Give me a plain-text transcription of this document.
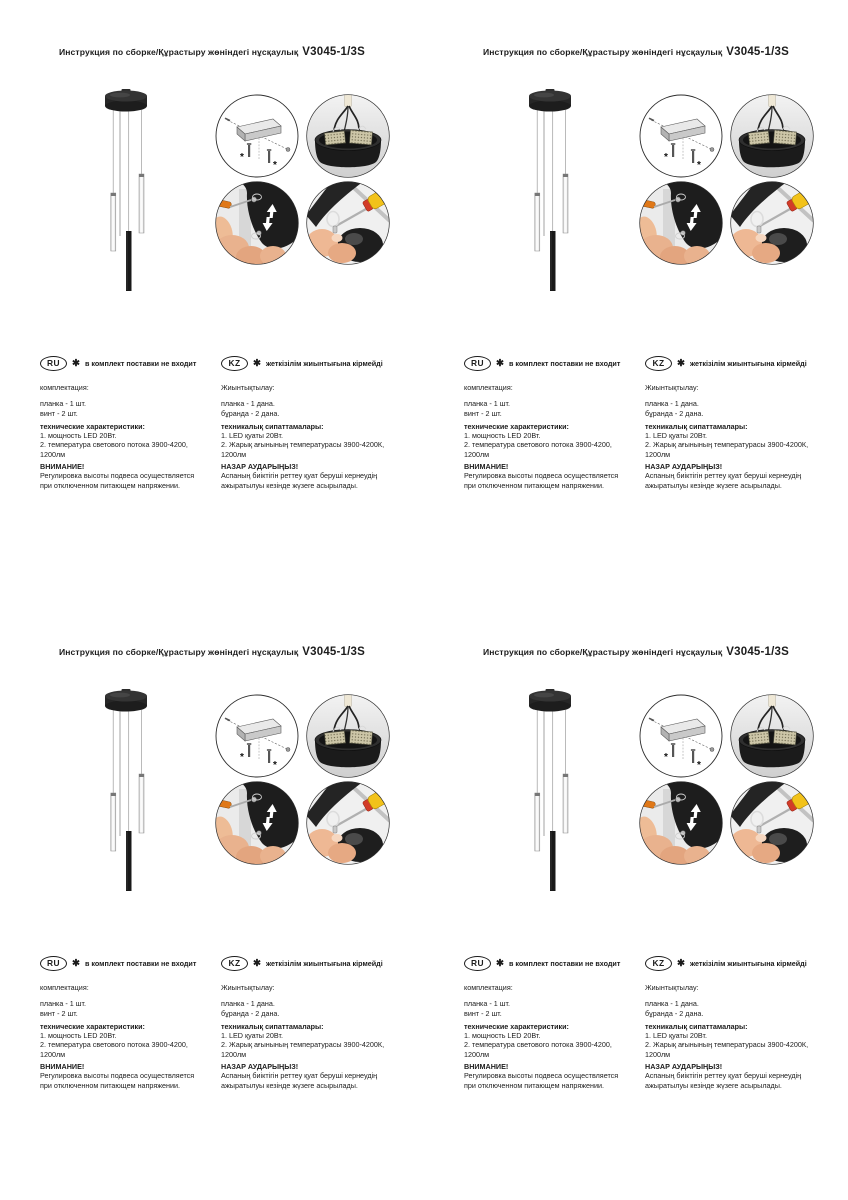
Инструкция по сборке/Құрастыру жөніндегі нұсқаулық V3045-1/3S
*
*
RU	✱ в комплект поставки не входит
комплектация:
планка - 1 шт.
винт - 2 шт.
технические характеристики:
1. мощность LED 20Вт.
2. температура светового потока 3900-4200, 1200лм
ВНИМАНИЕ!
Регулировка высоты подвеса осуществляется при отключенном питающем напряжении.
KZ	✱ жеткізілім жиынтығына кірмейді
Жиынтықтылау:
планка - 1 дана.
бұранда - 2 дана.
техникалық сипаттамалары:
1. LED қуаты 20Вт.
2. Жарық ағынының температурасы 3900-4200К, 1200лм
НАЗАР АУДАРЫҢЫЗ!
Аспаның биіктігін реттеу қуат беруші кернеудің ажыратылуы кезінде жүзеге асырылады.
Инструкция по сборке/Құрастыру жөніндегі нұсқаулық V3045-1/3S
*
*
RU	✱ в комплект поставки не входит
комплектация:
планка - 1 шт.
винт - 2 шт.
технические характеристики:
1. мощность LED 20Вт.
2. температура светового потока 3900-4200, 1200лм
ВНИМАНИЕ!
Регулировка высоты подвеса осуществляется при отключенном питающем напряжении.
KZ	✱ жеткізілім жиынтығына кірмейді
Жиынтықтылау:
планка - 1 дана.
бұранда - 2 дана.
техникалық сипаттамалары:
1. LED қуаты 20Вт.
2. Жарық ағынының температурасы 3900-4200К, 1200лм
НАЗАР АУДАРЫҢЫЗ!
Аспаның биіктігін реттеу қуат беруші кернеудің ажыратылуы кезінде жүзеге асырылады.
Инструкция по сборке/Құрастыру жөніндегі нұсқаулық V3045-1/3S
*
*
RU	✱ в комплект поставки не входит
комплектация:
планка - 1 шт.
винт - 2 шт.
технические характеристики:
1. мощность LED 20Вт.
2. температура светового потока 3900-4200, 1200лм
ВНИМАНИЕ!
Регулировка высоты подвеса осуществляется при отключенном питающем напряжении.
KZ	✱ жеткізілім жиынтығына кірмейді
Жиынтықтылау:
планка - 1 дана.
бұранда - 2 дана.
техникалық сипаттамалары:
1. LED қуаты 20Вт.
2. Жарық ағынының температурасы 3900-4200К, 1200лм
НАЗАР АУДАРЫҢЫЗ!
Аспаның биіктігін реттеу қуат беруші кернеудің ажыратылуы кезінде жүзеге асырылады.
Инструкция по сборке/Құрастыру жөніндегі нұсқаулық V3045-1/3S
*
*
RU	✱ в комплект поставки не входит
комплектация:
планка - 1 шт.
винт - 2 шт.
технические характеристики:
1. мощность LED 20Вт.
2. температура светового потока 3900-4200, 1200лм
ВНИМАНИЕ!
Регулировка высоты подвеса осуществляется при отключенном питающем напряжении.
KZ	✱ жеткізілім жиынтығына кірмейді
Жиынтықтылау:
планка - 1 дана.
бұранда - 2 дана.
техникалық сипаттамалары:
1. LED қуаты 20Вт.
2. Жарық ағынының температурасы 3900-4200К, 1200лм
НАЗАР АУДАРЫҢЫЗ!
Аспаның биіктігін реттеу қуат беруші кернеудің ажыратылуы кезінде жүзеге асырылады.
